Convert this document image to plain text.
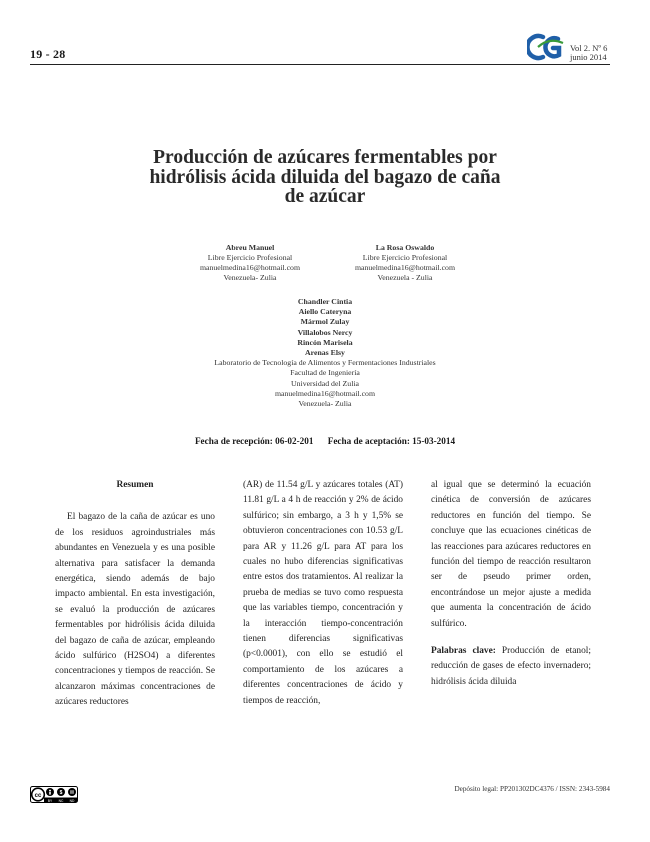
19 - 28	Vol 2. Nº 6
junio 2014
Producción de azúcares fermentables por
hidrólisis ácida diluida del bagazo de caña
de azúcar
Abreu Manuel
Libre Ejercicio Profesional
manuelmedina16@hotmail.com
Venezuela- Zulia
La Rosa Oswaldo
Libre Ejercicio Profesional
manuelmedina16@hotmail.com
Venezuela - Zulia
Chandler Cintia
Aiello Cateryna
Mármol Zulay
Villalobos Nercy
Rincón Marisela
Arenas Elsy
Laboratorio de Tecnología de Alimentos y Fermentaciones Industriales
Facultad de Ingeniería
Universidad del Zulia
manuelmedina16@hotmail.com
Venezuela- Zulia
Fecha de recepción: 06-02-201 Fecha de aceptación: 15-03-2014
Resumen

El bagazo de la caña de azúcar es uno de los residuos agroindustriales más abundantes en Venezuela y es una posible alternativa para satisfacer la demanda energética, siendo además de bajo impacto ambiental. En esta investigación, se evaluó la producción de azúcares fermentables por hidrólisis ácida diluida del bagazo de caña de azúcar, empleando ácido sulfúrico (H2SO4) a diferentes concentraciones y tiempos de reacción. Se alcanzaron máximas concentraciones de azúcares reductores

(AR) de 11.54 g/L y azúcares totales (AT) 11.81 g/L a 4 h de reacción y 2% de ácido sulfúrico; sin embargo, a 3 h y 1,5% se obtuvieron concentraciones con 10.53 g/L para AR y 11.26 g/L para AT para los cuales no hubo diferencias significativas entre estos dos tratamientos. Al realizar la prueba de medias se tuvo como respuesta que las variables tiempo, concentración y la interacción tiempo-concentración tienen diferencias significativas (p<0.0001), con ello se estudió el comportamiento de los azúcares a diferentes concentraciones de ácido y tiempos de reacción,

al igual que se determinó la ecuación cinética de conversión de azúcares reductores en función del tiempo. Se concluye que las ecuaciones cinéticas de las reacciones para azúcares reductores en función del tiempo de reacción resultaron ser de pseudo primer orden, encontrándose un mejor ajuste a medida que aumenta la concentración de ácido sulfúrico.

Palabras clave: Producción de etanol; reducción de gases de efecto invernadero; hidrólisis ácida diluida

cc	$
BY NC ND
Depósito legal: PP201302DC4376 / ISSN: 2343-5984
